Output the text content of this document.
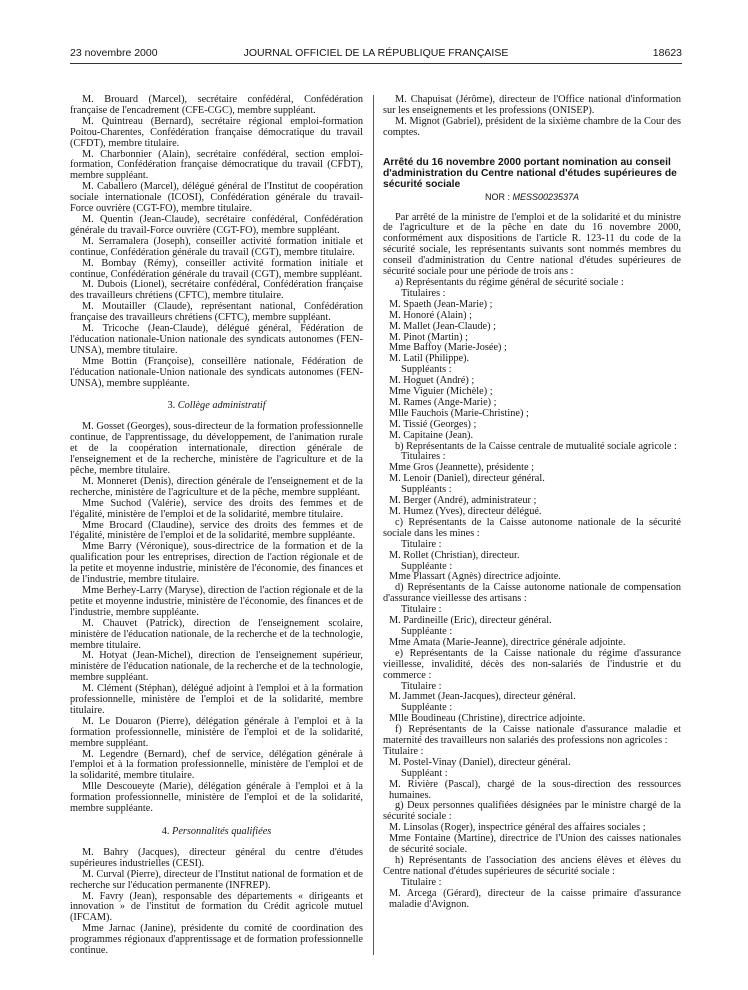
23 novembre 2000	JOURNAL OFFICIEL DE LA RÉPUBLIQUE FRANÇAISE	18623

M. Brouard (Marcel), secrétaire confédéral, Confédération française de l'encadrement (CFE-CGC), membre suppléant.

M. Quintreau (Bernard), secrétaire régional emploi-formation Poitou-Charentes, Confédération française démocratique du travail (CFDT), membre titulaire.

M. Charbonnier (Alain), secrétaire confédéral, section emploi-formation, Confédération française démocratique du travail (CFDT), membre suppléant.

M. Caballero (Marcel), délégué général de l'Institut de coopération sociale internationale (ICOSI), Confédération générale du travail-Force ouvrière (CGT-FO), membre titulaire.

M. Quentin (Jean-Claude), secrétaire confédéral, Confédération générale du travail-Force ouvrière (CGT-FO), membre suppléant.

M. Serramalera (Joseph), conseiller activité formation initiale et continue, Confédération générale du travail (CGT), membre titulaire.

M. Bombay (Rémy), conseiller activité formation initiale et continue, Confédération générale du travail (CGT), membre suppléant.

M. Dubois (Lionel), secrétaire confédéral, Confédération française des travailleurs chrétiens (CFTC), membre titulaire.

M. Moutailler (Claude), représentant national, Confédération française des travailleurs chrétiens (CFTC), membre suppléant.

M. Tricoche (Jean-Claude), délégué général, Fédération de l'éducation nationale-Union nationale des syndicats autonomes (FEN-UNSA), membre titulaire.

Mme Bottin (Françoise), conseillère nationale, Fédération de l'éducation nationale-Union nationale des syndicats autonomes (FEN-UNSA), membre suppléante.

3. Collège administratif

M. Gosset (Georges), sous-directeur de la formation professionnelle continue, de l'apprentissage, du développement, de l'animation rurale et de la coopération internationale, direction générale de l'enseignement et de la recherche, ministère de l'agriculture et de la pêche, membre titulaire.

M. Monneret (Denis), direction générale de l'enseignement et de la recherche, ministère de l'agriculture et de la pêche, membre suppléant.

Mme Suchod (Valérie), service des droits des femmes et de l'égalité, ministère de l'emploi et de la solidarité, membre titulaire.

Mme Brocard (Claudine), service des droits des femmes et de l'égalité, ministère de l'emploi et de la solidarité, membre suppléante.

Mme Barry (Véronique), sous-directrice de la formation et de la qualification pour les entreprises, direction de l'action régionale et de la petite et moyenne industrie, ministère de l'économie, des finances et de l'industrie, membre titulaire.

Mme Berhey-Larry (Maryse), direction de l'action régionale et de la petite et moyenne industrie, ministère de l'économie, des finances et de l'industrie, membre suppléante.

M. Chauvet (Patrick), direction de l'enseignement scolaire, ministère de l'éducation nationale, de la recherche et de la technologie, membre titulaire.

M. Hotyat (Jean-Michel), direction de l'enseignement supérieur, ministère de l'éducation nationale, de la recherche et de la technologie, membre suppléant.

M. Clément (Stéphan), délégué adjoint à l'emploi et à la formation professionnelle, ministère de l'emploi et de la solidarité, membre titulaire.

M. Le Douaron (Pierre), délégation générale à l'emploi et à la formation professionnelle, ministère de l'emploi et de la solidarité, membre suppléant.

M. Legendre (Bernard), chef de service, délégation générale à l'emploi et à la formation professionnelle, ministère de l'emploi et de la solidarité, membre titulaire.

Mlle Descoueyte (Marie), délégation générale à l'emploi et à la formation professionnelle, ministère de l'emploi et de la solidarité, membre suppléante.

4. Personnalités qualifiées

M. Bahry (Jacques), directeur général du centre d'études supérieures industrielles (CESI).

M. Curval (Pierre), directeur de l'Institut national de formation et de recherche sur l'éducation permanente (INFREP).

M. Favry (Jean), responsable des départements « dirigeants et innovation » de l'institut de formation du Crédit agricole mutuel (IFCAM).

Mme Jarnac (Janine), présidente du comité de coordination des programmes régionaux d'apprentissage et de formation professionnelle continue.

M. Chapuisat (Jérôme), directeur de l'Office national d'information sur les enseignements et les professions (ONISEP).

M. Mignot (Gabriel), président de la sixième chambre de la Cour des comptes.

Arrêté du 16 novembre 2000 portant nomination au conseil d'administration du Centre national d'études supérieures de sécurité sociale
NOR : MESS0023537A

Par arrêté de la ministre de l'emploi et de la solidarité et du ministre de l'agriculture et de la pêche en date du 16 novembre 2000, conformément aux dispositions de l'article R. 123-11 du code de la sécurité sociale, les représentants suivants sont nommés membres du conseil d'administration du Centre national d'études supérieures de sécurité sociale pour une période de trois ans :

a) Représentants du régime général de sécurité sociale :

Titulaires :

M. Spaeth (Jean-Marie) ;

M. Honoré (Alain) ;

M. Mallet (Jean-Claude) ;

M. Pinot (Martin) ;

Mme Baffoy (Marie-Josée) ;

M. Latil (Philippe).

Suppléants :

M. Hoguet (André) ;

Mme Viguier (Michèle) ;

M. Rames (Ange-Marie) ;

Mlle Fauchois (Marie-Christine) ;

M. Tissié (Georges) ;

M. Capitaine (Jean).

b) Représentants de la Caisse centrale de mutualité sociale agricole :

Titulaires :

Mme Gros (Jeannette), présidente ;

M. Lenoir (Daniel), directeur général.

Suppléants :

M. Berger (André), administrateur ;

M. Humez (Yves), directeur délégué.

c) Représentants de la Caisse autonome nationale de la sécurité sociale dans les mines :

Titulaire :

M. Rollet (Christian), directeur.

Suppléante :

Mme Plassart (Agnès) directrice adjointe.

d) Représentants de la Caisse autonome nationale de compensation d'assurance vieillesse des artisans :

Titulaire :

M. Pardineille (Eric), directeur général.

Suppléante :

Mme Amata (Marie-Jeanne), directrice générale adjointe.

e) Représentants de la Caisse nationale du régime d'assurance vieillesse, invalidité, décès des non-salariés de l'industrie et du commerce :

Titulaire :

M. Jammet (Jean-Jacques), directeur général.

Suppléante :

Mlle Boudineau (Christine), directrice adjointe.

f) Représentants de la Caisse nationale d'assurance maladie et maternité des travailleurs non salariés des professions non agricoles :

Titulaire :

M. Postel-Vinay (Daniel), directeur général.

Suppléant :

M. Rivière (Pascal), chargé de la sous-direction des ressources humaines.

g) Deux personnes qualifiées désignées par le ministre chargé de la sécurité sociale :

M. Linsolas (Roger), inspectrice général des affaires sociales ;

Mme Fontaine (Martine), directrice de l'Union des caisses nationales de sécurité sociale.

h) Représentants de l'association des anciens élèves et élèves du Centre national d'études supérieures de sécurité sociale :

Titulaire :

M. Arcega (Gérard), directeur de la caisse primaire d'assurance maladie d'Avignon.
